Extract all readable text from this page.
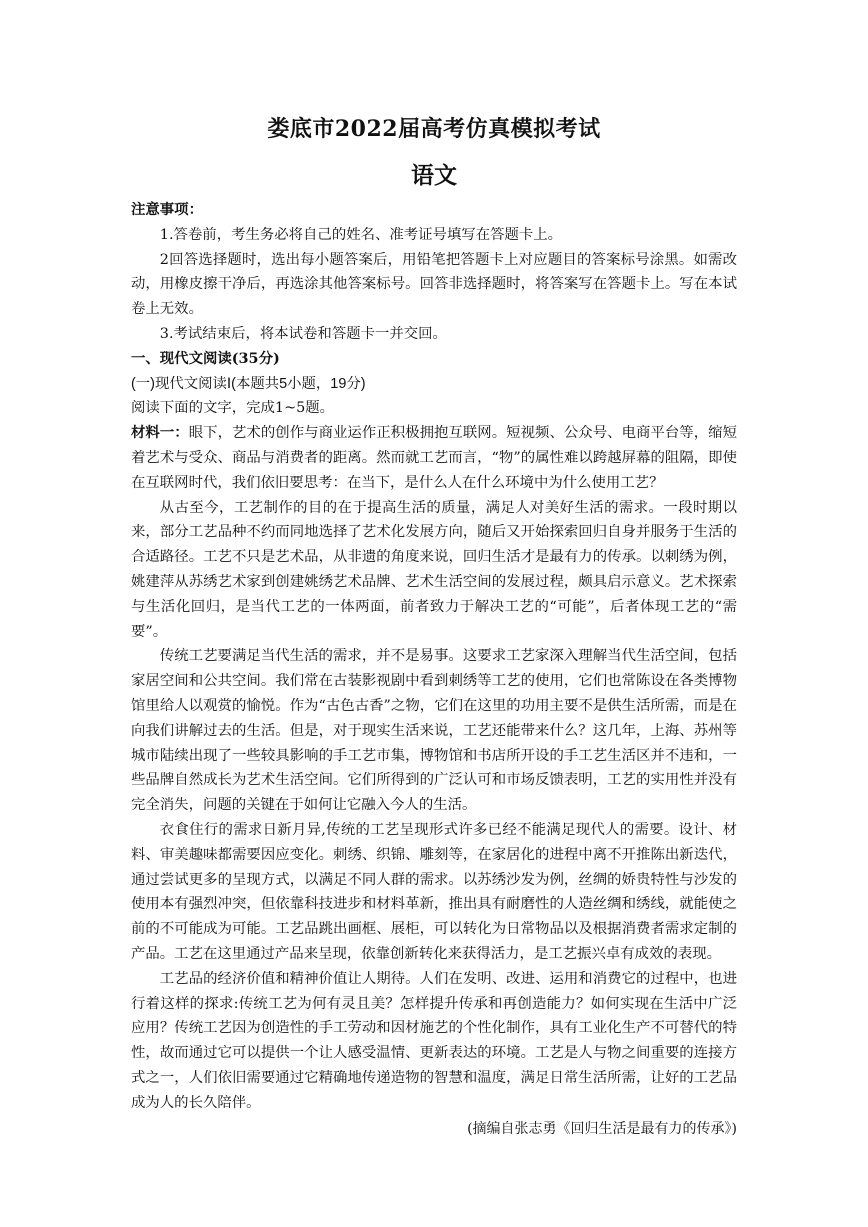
娄底市2022届高考仿真模拟考试
语文

注意事项：

1.答卷前，考生务必将自己的姓名、准考证号填写在答题卡上。

2回答选择题时，选出每小题答案后，用铅笔把答题卡上对应题目的答案标号涂黑。如需改动，用橡皮擦干净后，再选涂其他答案标号。回答非选择题时，将答案写在答题卡上。写在本试卷上无效。

3.考试结束后，将本试卷和答题卡一并交回。

一、现代文阅读(35分)

(一)现代文阅读Ⅰ(本题共5小题，19分)

阅读下面的文字，完成1~5题。

材料一：眼下，艺术的创作与商业运作正积极拥抱互联网。短视频、公众号、电商平台等，缩短着艺术与受众、商品与消费者的距离。然而就工艺而言，“物”的属性难以跨越屏幕的阻隔，即使在互联网时代，我们依旧要思考：在当下，是什么人在什么环境中为什么使用工艺？

从古至今，工艺制作的目的在于提高生活的质量，满足人对美好生活的需求。一段时期以来，部分工艺品种不约而同地选择了艺术化发展方向，随后又开始探索回归自身并服务于生活的合适路径。工艺不只是艺术品，从非遗的角度来说，回归生活才是最有力的传承。以刺绣为例，姚建萍从苏绣艺术家到创建姚绣艺术品牌、艺术生活空间的发展过程，颇具启示意义。艺术探索与生活化回归，是当代工艺的一体两面，前者致力于解决工艺的“可能”，后者体现工艺的“需要”。

传统工艺要满足当代生活的需求，并不是易事。这要求工艺家深入理解当代生活空间，包括家居空间和公共空间。我们常在古装影视剧中看到刺绣等工艺的使用，它们也常陈设在各类博物馆里给人以观赏的愉悦。作为“古色古香”之物，它们在这里的功用主要不是供生活所需，而是在向我们讲解过去的生活。但是，对于现实生活来说，工艺还能带来什么？这几年，上海、苏州等城市陆续出现了一些较具影响的手工艺市集，博物馆和书店所开设的手工艺生活区并不违和，一些品牌自然成长为艺术生活空间。它们所得到的广泛认可和市场反馈表明，工艺的实用性并没有完全消失，问题的关键在于如何让它融入今人的生活。

衣食住行的需求日新月异,传统的工艺呈现形式许多已经不能满足现代人的需要。设计、材料、审美趣味都需要因应变化。刺绣、织锦、雕刻等，在家居化的进程中离不开推陈出新迭代，通过尝试更多的呈现方式，以满足不同人群的需求。以苏绣沙发为例，丝绸的娇贵特性与沙发的使用本有强烈冲突，但依靠科技进步和材料革新，推出具有耐磨性的人造丝绸和绣线，就能使之前的不可能成为可能。工艺品跳出画框、展柜，可以转化为日常物品以及根据消费者需求定制的产品。工艺在这里通过产品来呈现，依靠创新转化来获得活力，是工艺振兴卓有成效的表现。

工艺品的经济价值和精神价值让人期待。人们在发明、改进、运用和消费它的过程中，也进行着这样的探求:传统工艺为何有灵且美？怎样提升传承和再创造能力？如何实现在生活中广泛应用？传统工艺因为创造性的手工劳动和因材施艺的个性化制作，具有工业化生产不可替代的特性，故而通过它可以提供一个让人感受温情、更新表达的环境。工艺是人与物之间重要的连接方式之一，人们依旧需要通过它精确地传递造物的智慧和温度，满足日常生活所需，让好的工艺品成为人的长久陪伴。

(摘编自张志勇《回归生活是最有力的传承》)
